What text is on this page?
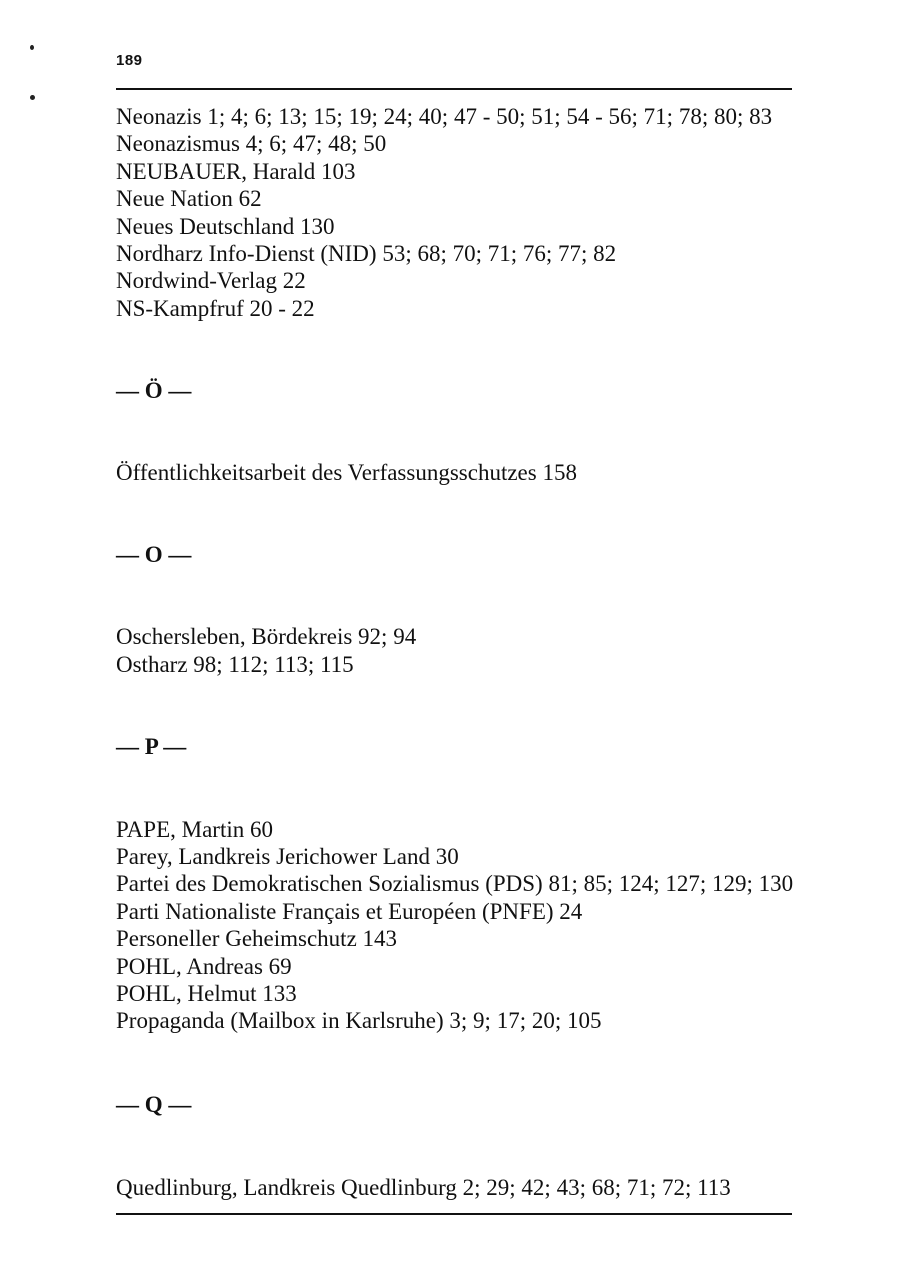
189
Neonazis 1; 4; 6; 13; 15; 19; 24; 40; 47 - 50; 51; 54 - 56; 71; 78; 80; 83
Neonazismus 4; 6; 47; 48; 50
NEUBAUER, Harald 103
Neue Nation 62
Neues Deutschland 130
Nordharz Info-Dienst (NID) 53; 68; 70; 71; 76; 77; 82
Nordwind-Verlag 22
NS-Kampfruf 20 - 22
— Ö —
Öffentlichkeitsarbeit des Verfassungsschutzes 158
— O —
Oschersleben, Bördekreis 92; 94
Ostharz 98; 112; 113; 115
— P —
PAPE, Martin 60
Parey, Landkreis Jerichower Land 30
Partei des Demokratischen Sozialismus (PDS) 81; 85; 124; 127; 129; 130
Parti Nationaliste Français et Européen (PNFE) 24
Personeller Geheimschutz 143
POHL, Andreas 69
POHL, Helmut 133
Propaganda (Mailbox in Karlsruhe) 3; 9; 17; 20; 105
— Q —
Quedlinburg, Landkreis Quedlinburg 2; 29; 42; 43; 68; 71; 72; 113
